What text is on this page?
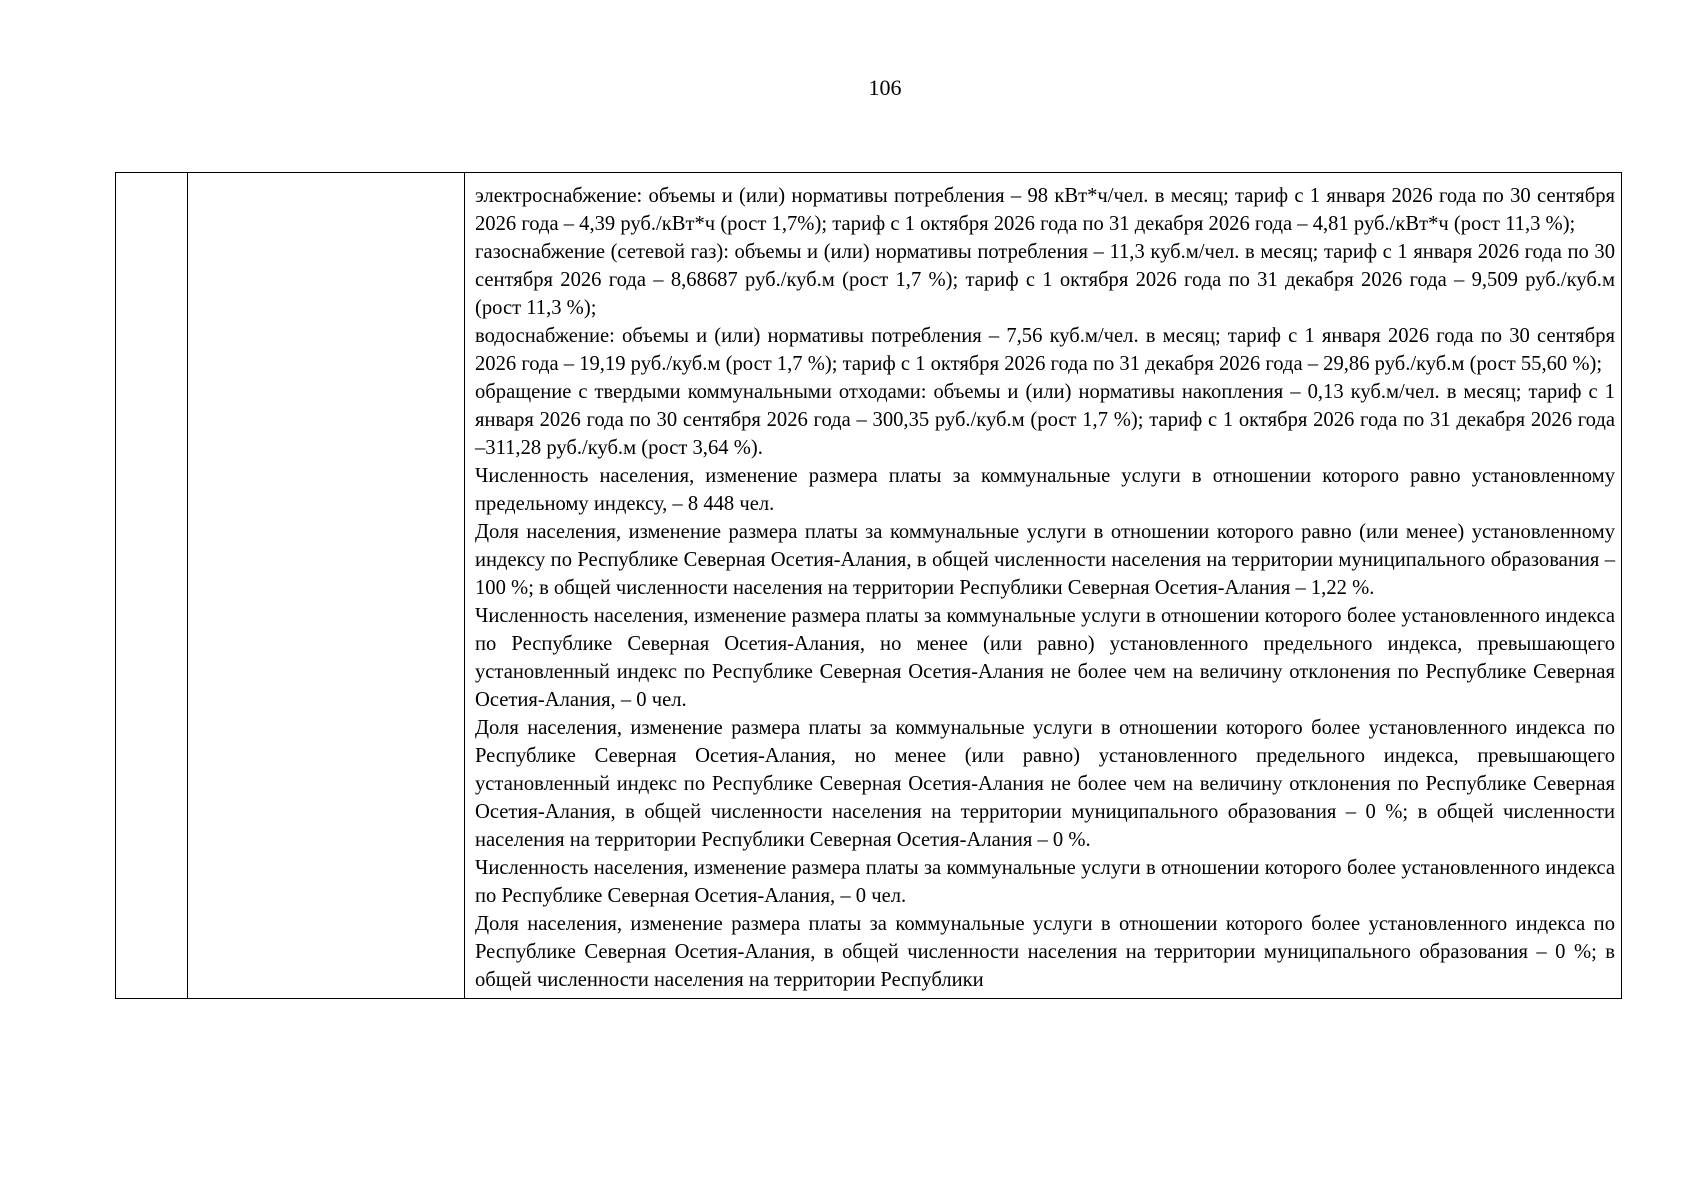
106

электроснабжение: объемы и (или) нормативы потребления – 98 кВт*ч/чел. в месяц; тариф с 1 января 2026 года по 30 сентября 2026 года – 4,39 руб./кВт*ч (рост 1,7%); тариф с 1 октября 2026 года по 31 декабря 2026 года – 4,81 руб./кВт*ч (рост 11,3 %);

газоснабжение (сетевой газ): объемы и (или) нормативы потребления – 11,3 куб.м/чел. в месяц; тариф с 1 января 2026 года по 30 сентября 2026 года – 8,68687 руб./куб.м (рост 1,7 %); тариф с 1 октября 2026 года по 31 декабря 2026 года – 9,509 руб./куб.м (рост 11,3 %);

водоснабжение: объемы и (или) нормативы потребления – 7,56 куб.м/чел. в месяц; тариф с 1 января 2026 года по 30 сентября 2026 года – 19,19 руб./куб.м (рост 1,7 %); тариф с 1 октября 2026 года по 31 декабря 2026 года – 29,86 руб./куб.м (рост 55,60 %);

обращение с твердыми коммунальными отходами: объемы и (или) нормативы накопления – 0,13 куб.м/чел. в месяц; тариф с 1 января 2026 года по 30 сентября 2026 года – 300,35 руб./куб.м (рост 1,7 %); тариф с 1 октября 2026 года по 31 декабря 2026 года –311,28 руб./куб.м (рост 3,64 %).

Численность населения, изменение размера платы за коммунальные услуги в отношении которого равно установленному предельному индексу, – 8 448 чел.

Доля населения, изменение размера платы за коммунальные услуги в отношении которого равно (или менее) установленному индексу по Республике Северная Осетия-Алания, в общей численности населения на территории муниципального образования – 100 %; в общей численности населения на территории Республики Северная Осетия-Алания – 1,22 %.

Численность населения, изменение размера платы за коммунальные услуги в отношении которого более установленного индекса по Республике Северная Осетия-Алания, но менее (или равно) установленного предельного индекса, превышающего установленный индекс по Республике Северная Осетия-Алания не более чем на величину отклонения по Республике Северная Осетия-Алания, – 0 чел.

Доля населения, изменение размера платы за коммунальные услуги в отношении которого более установленного индекса по Республике Северная Осетия-Алания, но менее (или равно) установленного предельного индекса, превышающего установленный индекс по Республике Северная Осетия-Алания не более чем на величину отклонения по Республике Северная Осетия-Алания, в общей численности населения на территории муниципального образования – 0 %; в общей численности населения на территории Республики Северная Осетия-Алания – 0 %.

Численность населения, изменение размера платы за коммунальные услуги в отношении которого более установленного индекса по Республике Северная Осетия-Алания, – 0 чел.

Доля населения, изменение размера платы за коммунальные услуги в отношении которого более установленного индекса по Республике Северная Осетия-Алания, в общей численности населения на территории муниципального образования – 0 %; в общей численности населения на территории Республики
